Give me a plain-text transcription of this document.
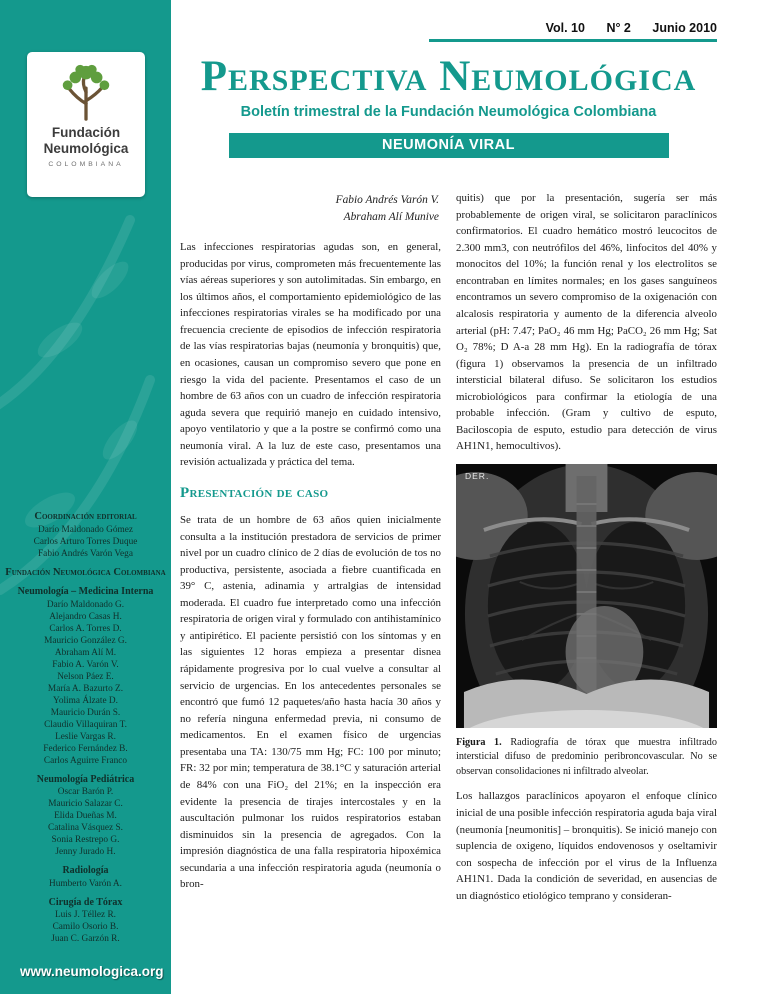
Fundación
Neumológica
COLOMBIANA
Coordinación editorial
Darío Maldonado Gómez
Carlos Arturo Torres Duque
Fabio Andrés Varón Vega
Fundación Neumológica Colombiana
Neumología – Medicina Interna
Darío Maldonado G.
Alejandro Casas H.
Carlos A. Torres D.
Mauricio González G.
Abraham Alí M.
Fabio A. Varón V.
Nelson Páez E.
María A. Bazurto Z.
Yolima Álzate D.
Mauricio Durán S.
Claudio Villaquiran T.
Leslie Vargas R.
Federico Fernández B.
Carlos Aguirre Franco
Neumología Pediátrica
Oscar Barón P.
Mauricio Salazar C.
Elida Dueñas M.
Catalina Vásquez S.
Sonia Restrepo G.
Jenny Jurado H.
Radiología
Humberto Varón A.
Cirugía de Tórax
Luis J. Téllez R.
Camilo Osorio B.
Juan C. Garzón R.
www.neumologica.org
Vol. 10 N° 2 Junio 2010
Perspectiva Neumológica
Boletín trimestral de la Fundación Neumológica Colombiana
NEUMONÍA VIRAL
Fabio Andrés Varón V.
Abraham Alí Munive

Las infecciones respiratorias agudas son, en general, producidas por virus, comprometen más frecuentemente las vías aéreas superiores y son autolimitadas. Sin embargo, en los últimos años, el comportamiento epidemiológico de las infecciones respiratorias virales se ha modificado por una frecuencia creciente de episodios de infección respiratoria de las vías respiratorias bajas (neumonía y bronquitis) que, en ocasiones, causan un compromiso severo que pone en riesgo la vida del paciente. Presentamos el caso de un hombre de 63 años con un cuadro de infección respiratoria aguda severa que requirió manejo en cuidado intensivo, apoyo ventilatorio y que a la postre se confirmó como una neumonía viral. A la luz de este caso, presentamos una revisión actualizada y práctica del tema.

Presentación de caso

Se trata de un hombre de 63 años quien inicialmente consulta a la institución prestadora de servicios de primer nivel por un cuadro clínico de 2 días de evolución de tos no productiva, persistente, asociada a fiebre cuantificada en 39° C, astenia, adinamia y artralgias de intensidad moderada. El cuadro fue interpretado como una infección respiratoria de origen viral y formulado con antihistamínico y antipirético. El paciente persistió con los síntomas y en las siguientes 12 horas empieza a presentar disnea rápidamente progresiva por lo cual vuelve a consultar al servicio de urgencias. En los antecedentes personales se encontró que fumó 12 paquetes/año hasta hacía 30 años y no refería ninguna enfermedad previa, ni consumo de medicamentos. En el examen físico de urgencias presentaba una TA: 130/75 mm Hg; FC: 100 por minuto; FR: 32 por min; temperatura de 38.1°C y saturación arterial de 84% con una FiO₂ del 21%; en la inspección era evidente la presencia de tirajes intercostales y en la auscultación pulmonar los ruidos respiratorios estaban disminuidos sin la presencia de agregados. Con la impresión diagnóstica de una falla respiratoria hipoxémica secundaria a una infección respiratoria aguda (neumonía o bron-

quitis) que por la presentación, sugería ser más probablemente de origen viral, se solicitaron paraclínicos confirmatorios. El cuadro hemático mostró leucocitos de 2.300 mm3, con neutrófilos del 46%, linfocitos del 40% y monocitos del 10%; la función renal y los electrolitos se encontraban en límites normales; en los gases sanguíneos encontramos un severo compromiso de la oxigenación con alcalosis respiratoria y aumento de la diferencia alveolo arterial (pH: 7.47; PaO₂ 46 mm Hg; PaCO₂ 26 mm Hg; Sat O₂ 78%; D A-a 28 mm Hg). En la radiografía de tórax (figura 1) observamos la presencia de un infiltrado intersticial bilateral difuso. Se solicitaron los estudios microbiológicos para confirmar la etiología de una probable infección. (Gram y cultivo de esputo, Baciloscopia de esputo, estudio para detección de virus AH1N1, hemocultivos).

DER.
Figura 1. Radiografía de tórax que muestra infiltrado intersticial difuso de predominio peribroncovascular. No se observan consolidaciones ni infiltrado alveolar.

Los hallazgos paraclínicos apoyaron el enfoque clínico inicial de una posible infección respiratoria aguda baja viral (neumonía [neumonitis] – bronquitis). Se inició manejo con suplencia de oxigeno, líquidos endovenosos y oseltamivir con sospecha de infección por el virus de la Influenza AH1N1. Dada la condición de severidad, en ausencias de un diagnóstico etiológico temprano y consideran-
